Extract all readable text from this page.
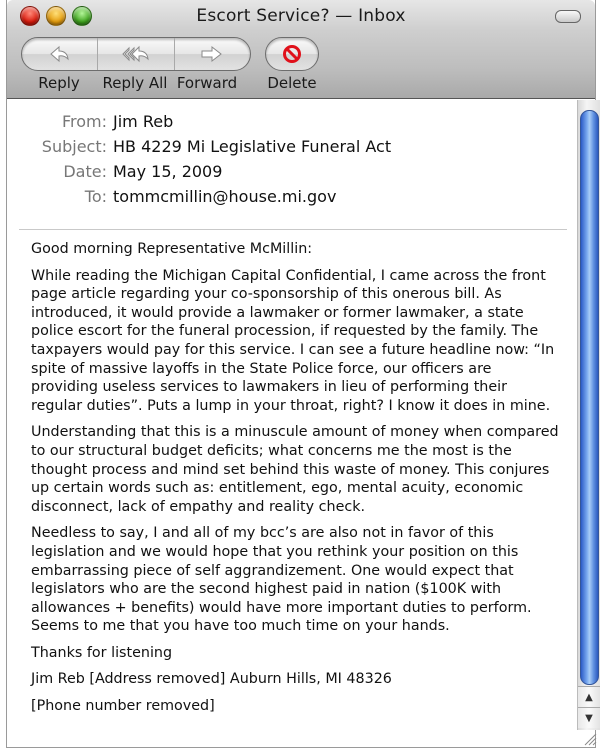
Escort Service? — Inbox
Reply Reply All Forward Delete
From: Jim Reb
Subject: HB 4229 Mi Legislative Funeral Act
Date: May 15, 2009
To: tommcmillin@house.mi.gov

Good morning Representative McMillin:

While reading the Michigan Capital Confidential, I came across the front page article regarding your co-sponsorship of this onerous bill. As introduced, it would provide a lawmaker or former lawmaker, a state police escort for the funeral procession, if requested by the family. The taxpayers would pay for this service. I can see a future headline now: “In spite of massive layoffs in the State Police force, our officers are providing useless services to lawmakers in lieu of performing their regular duties”. Puts a lump in your throat, right? I know it does in mine.

Understanding that this is a minuscule amount of money when compared to our structural budget deficits; what concerns me the most is the thought process and mind set behind this waste of money. This conjures up certain words such as: entitlement, ego, mental acuity, economic disconnect, lack of empathy and reality check.

Needless to say, I and all of my bcc’s are also not in favor of this legislation and we would hope that you rethink your position on this embarrassing piece of self aggrandizement. One would expect that legislators who are the second highest paid in nation ($100K with allowances + benefits) would have more important duties to perform. Seems to me that you have too much time on your hands.

Thanks for listening

Jim Reb [Address removed] Auburn Hills, MI 48326

[Phone number removed]

▲
▼
